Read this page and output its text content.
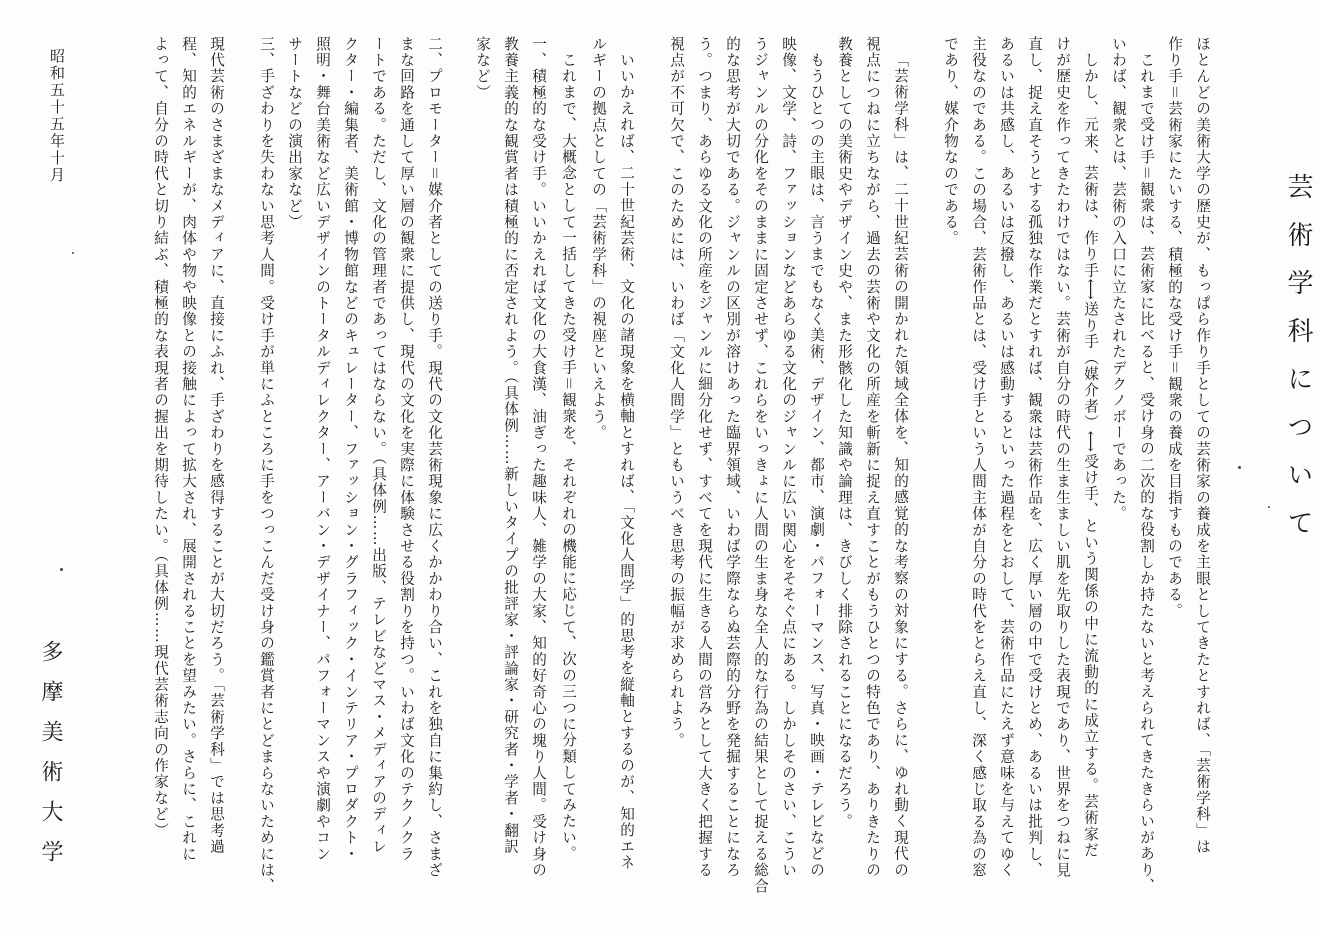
芸術学科について
ほとんどの美術大学の歴史が、もっぱら作り手としての芸術家の養成を主眼としてきたとすれば、「芸術学科」は
作り手＝芸術家にたいする、積極的な受け手＝観衆の養成を目指すものである。
これまで受け手＝観衆は、芸術家に比べると、受け身の二次的な役割しか持たないと考えられてきたきらいがあり、
いわば、観衆とは、芸術の入口に立たされたデクノボーであった。
しかし、元来、芸術は、作り手⟷送り手（媒介者）⟷受け手、という関係の中に流動的に成立する。芸術家だ
けが歴史を作ってきたわけではない。芸術が自分の時代の生ま生ましい肌を先取りした表現であり、世界をつねに見
直し、捉え直そうとする孤独な作業だとすれば、観衆は芸術作品を、広く厚い層の中で受けとめ、あるいは批判し、
あるいは共感し、あるいは反撥し、あるいは感動するといった過程をとおして、芸術作品にたえず意味を与えてゆく
主役なのである。この場合、芸術作品とは、受け手という人間主体が自分の時代をとらえ直し、深く感じ取る為の窓
であり、媒介物なのである。
「芸術学科」は、二十世紀芸術の開かれた領域全体を、知的感覚的な考察の対象にする。さらに、ゆれ動く現代の
視点につねに立ちながら、過去の芸術や文化の所産を斬新に捉え直すことがもうひとつの特色であり、ありきたりの
教養としての美術史やデザイン史や、また形骸化した知識や論理は、きびしく排除されることになるだろう。
もうひとつの主眼は、言うまでもなく美術、デザイン、都市、演劇・パフォーマンス、写真・映画・テレビなどの
映像、文学、詩、ファッションなどあらゆる文化のジャンルに広い関心をそそぐ点にある。しかしそのさい、こうい
うジャンルの分化をそのままに固定させず、これらをいっきょに人間の生ま身な全人的な行為の結果として捉える総合
的な思考が大切である。ジャンルの区別が溶けあった臨界領域、いわば学際ならぬ芸際的分野を発掘することになろ
う。つまり、あらゆる文化の所産をジャンルに細分化せず、すべてを現代に生きる人間の営みとして大きく把握する
視点が不可欠で、このためには、いわば「文化人間学」ともいうべき思考の振幅が求められよう。
いいかえれば、二十世紀芸術、文化の諸現象を横軸とすれば、「文化人間学」的思考を縦軸とするのが、知的エネ
ルギーの拠点としての「芸術学科」の視座といえよう。
これまで、大概念として一括してきた受け手＝観衆を、それぞれの機能に応じて、次の三つに分類してみたい。
一、積極的な受け手。いいかえれば文化の大食漢、油ぎった趣味人、雑学の大家、知的好奇心の塊り人間。受け身の
教養主義的な観賞者は積極的に否定されよう。（具体例……新しいタイプの批評家・評論家・研究者・学者・翻訳
家など）
二、プロモーター＝媒介者としての送り手。現代の文化芸術現象に広くかかわり合い、これを独自に集約し、さまざ
まな回路を通して厚い層の観衆に提供し、現代の文化を実際に体験させる役割りを持つ。いわば文化のテクノクラ
ートである。ただし、文化の管理者であってはならない。（具体例……出版、テレビなどマス・メディアのディレ
クター・編集者、美術館・博物館などのキュレーター、ファッション・グラフィック・インテリア・プロダクト・
照明・舞台美術など広いデザインのトータルディレクター、アーバン・デザイナー、パフォーマンスや演劇やコン
サートなどの演出家など）
三、手ざわりを失わない思考人間。受け手が単にふところに手をつっこんだ受け身の鑑賞者にとどまらないためには、
現代芸術のさまざまなメディアに、直接にふれ、手ざわりを感得することが大切だろう。「芸術学科」では思考過
程、知的エネルギーが、肉体や物や映像との接触によって拡大され、展開されることを望みたい。さらに、これに
よって、自分の時代と切り結ぶ、積極的な表現者の握出を期待したい。（具体例……現代芸術志向の作家など）
昭和五十五年十月
多摩美術大学
